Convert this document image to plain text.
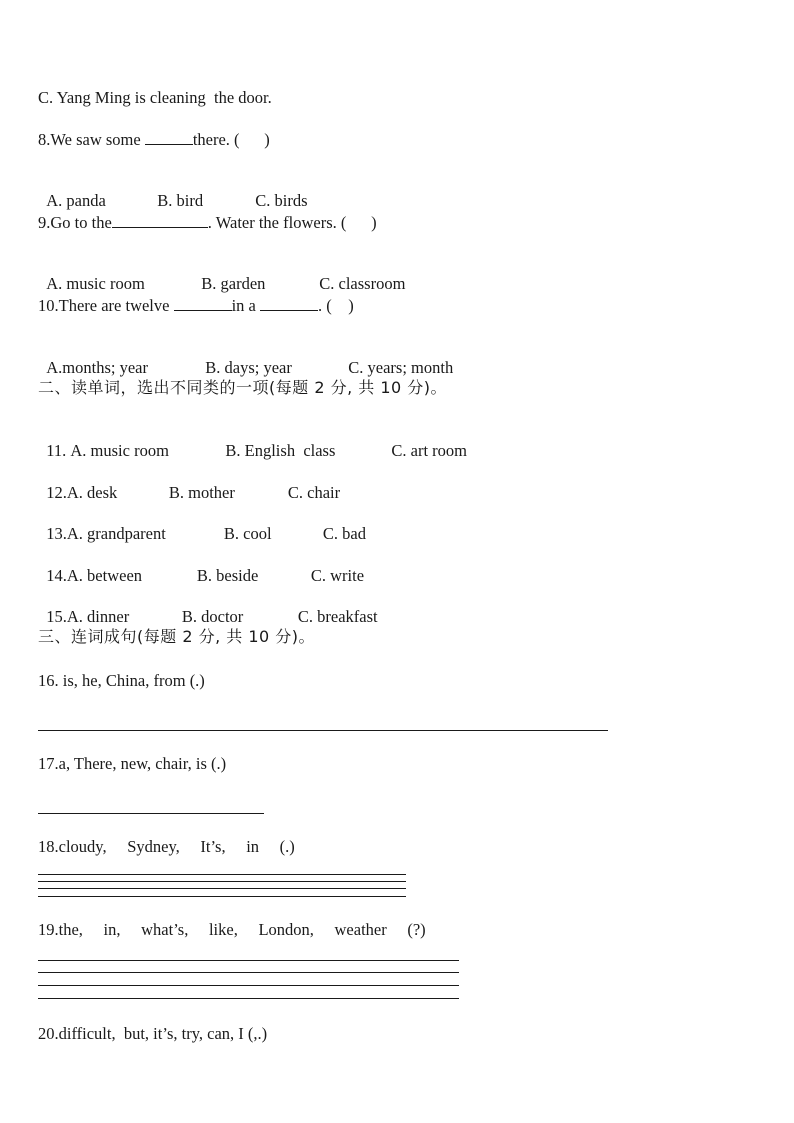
C. Yang Ming is cleaning  the door.
8.We saw some	there. (      )

A. panda	B. bird	C. birds

9.Go to the	. Water the flowers. (      )

A. music room	B. garden	C. classroom

10.There are twelve	in a	. (    )

A.months; year	B. days; year	C. years; month

二、读单词，选出不同类的一项(每题 2 分, 共 10 分)。

11. A. music room	B. English  class	C. art room

12.A. desk	B. mother	C. chair

13.A. grandparent	B. cool	C. bad

14.A. between	B. beside	C. write

15.A. dinner	B. doctor	C. breakfast

三、连词成句(每题 2 分, 共 10 分)。
16. is, he, China, from (.)
17.a, There, new, chair, is (.)
18.cloudy,     Sydney,     It’s,     in     (.)
19.the,     in,     what’s,     like,     London,     weather     (?)
20.difficult,  but, it’s, try, can, I (,.)
